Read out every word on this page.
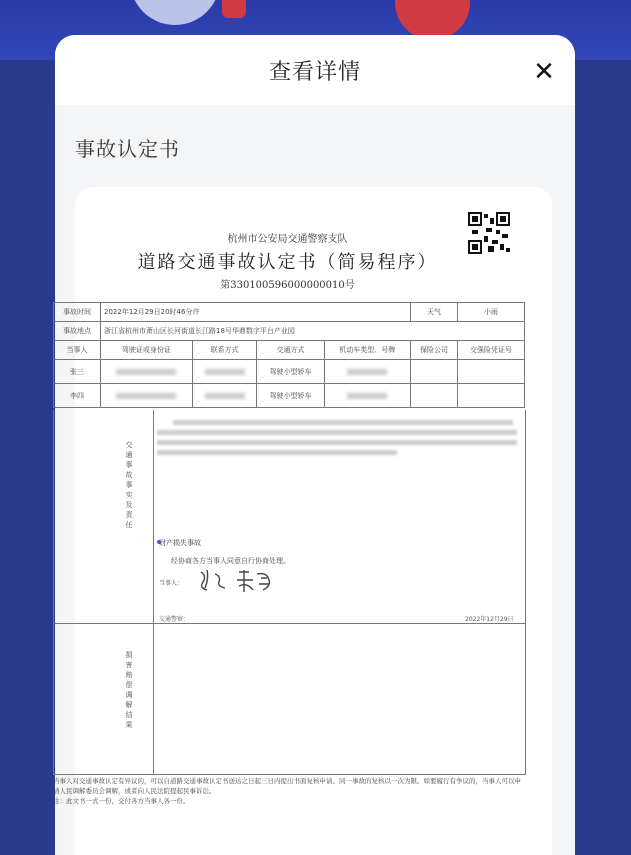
查看详情	✕
事故认定书
杭州市公安局交通警察支队
道路交通事故认定书（简易程序）
第330100596000000010号
事故时间	2022年12月29日20时46分许				天气	小雨
事故地点	浙江省杭州市萧山区长河街道长江路18号华鼎数字平台产业园					
当事人	驾驶证或身份证	联系方式	交通方式	机动车类型、号牌	保险公司	交强险凭证号
张三			驾驶小型轿车			
李四			驾驶小型轿车			
交通事故事实及责任
财产损失事故
经协商各方当事人同意自行协商处理。
当事人：
交通警察：	2022年12月29日
损害赔偿调解结果
当事人对交通事故认定有异议的，可以自道路交通事故认定书送达之日起三日内提出书面复核申请。同一事故的复核以一次为限。如要履行有争议的，当事人可以申请人民调解委员会调解，或者向人民法院提起民事诉讼。
注：此文书一式一份，交付各方当事人各一份。
